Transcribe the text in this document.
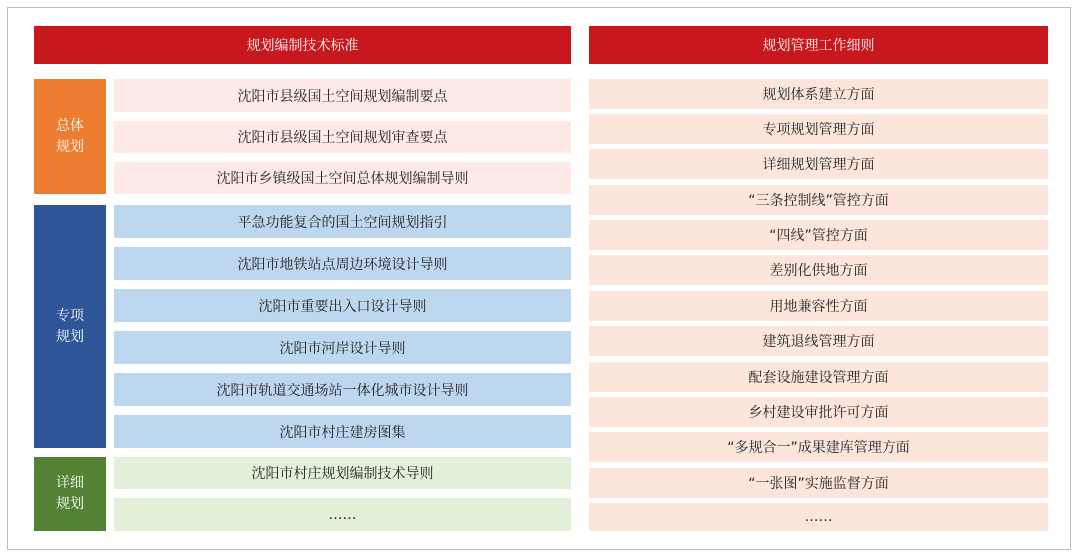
规划编制技术标准	规划管理工作细则
总体规划
专项规划
详细规划
沈阳市县级国土空间规划编制要点
沈阳市县级国土空间规划审查要点
沈阳市乡镇级国土空间总体规划编制导则
平急功能复合的国土空间规划指引
沈阳市地铁站点周边环境设计导则
沈阳市重要出入口设计导则
沈阳市河岸设计导则
沈阳市轨道交通场站一体化城市设计导则
沈阳市村庄建房图集
沈阳市村庄规划编制技术导则
……
规划体系建立方面
专项规划管理方面
详细规划管理方面
“三条控制线”管控方面
“四线”管控方面
差别化供地方面
用地兼容性方面
建筑退线管理方面
配套设施建设管理方面
乡村建设审批许可方面
“多规合一”成果建库管理方面
“一张图”实施监督方面
……
